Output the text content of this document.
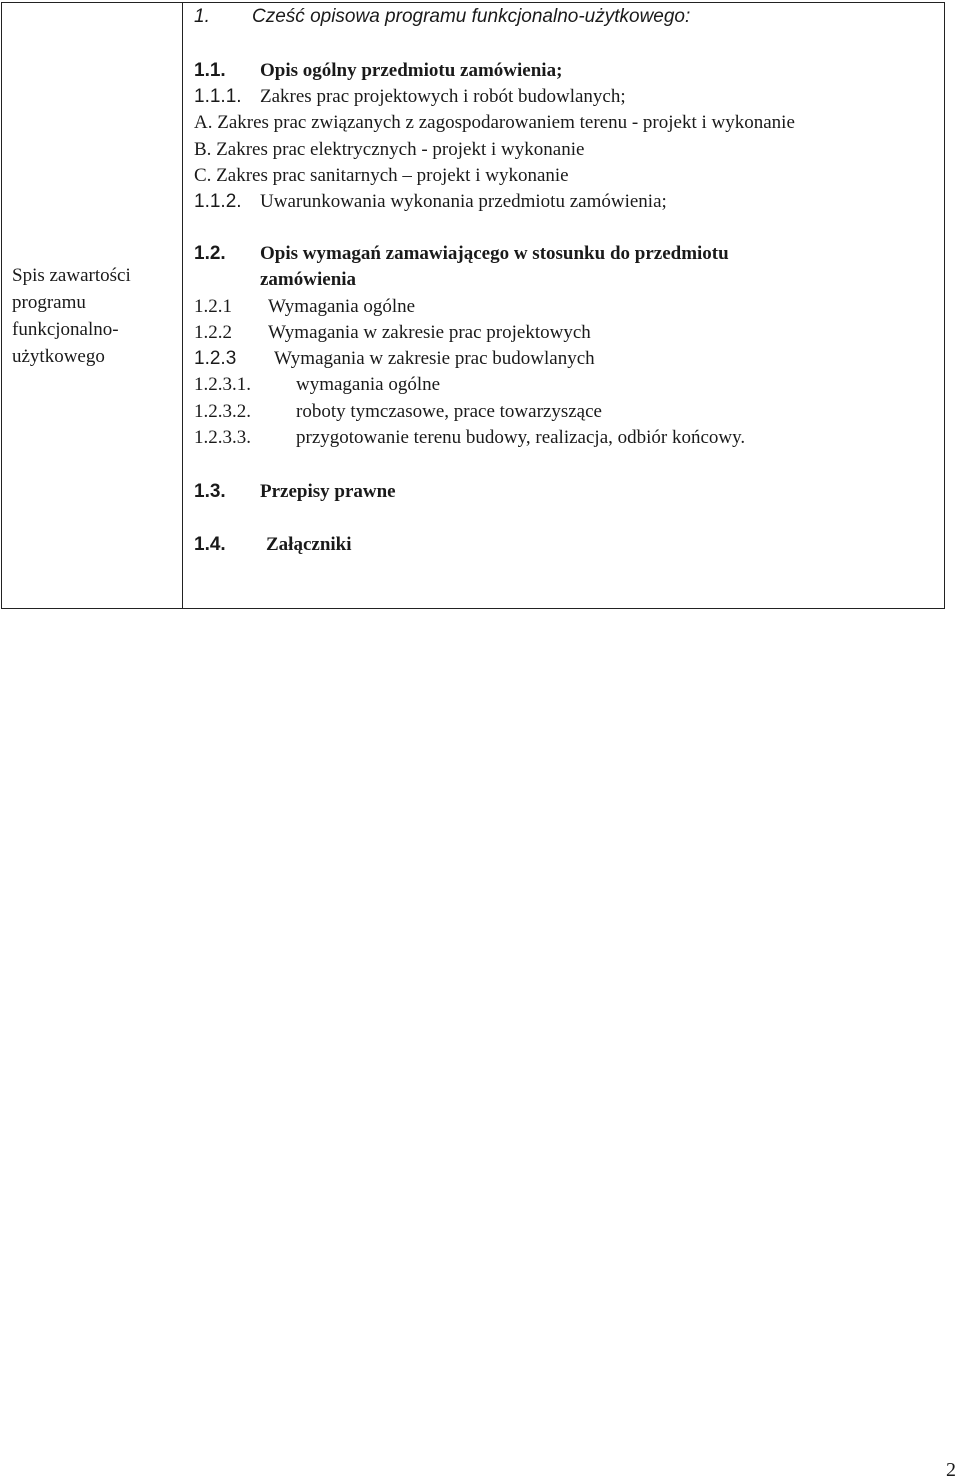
Spis zawartości
programu
funkcjonalno-
użytkowego
1. Cześć opisowa programu funkcjonalno-użytkowego:
1.1. Opis ogólny przedmiotu zamówienia;
1.1.1. Zakres prac projektowych i robót budowlanych;
A. Zakres prac związanych z zagospodarowaniem terenu - projekt i wykonanie
B. Zakres prac elektrycznych - projekt i wykonanie
C. Zakres prac sanitarnych – projekt i wykonanie
1.1.2. Uwarunkowania wykonania przedmiotu zamówienia;
1.2. Opis wymagań zamawiającego w stosunku do przedmiotu
zamówienia
1.2.1 Wymagania ogólne
1.2.2 Wymagania w zakresie prac projektowych
1.2.3 Wymagania w zakresie prac budowlanych
1.2.3.1. wymagania ogólne
1.2.3.2. roboty tymczasowe, prace towarzyszące
1.2.3.3. przygotowanie terenu budowy, realizacja, odbiór końcowy.
1.3. Przepisy prawne
1.4. Załączniki
2
